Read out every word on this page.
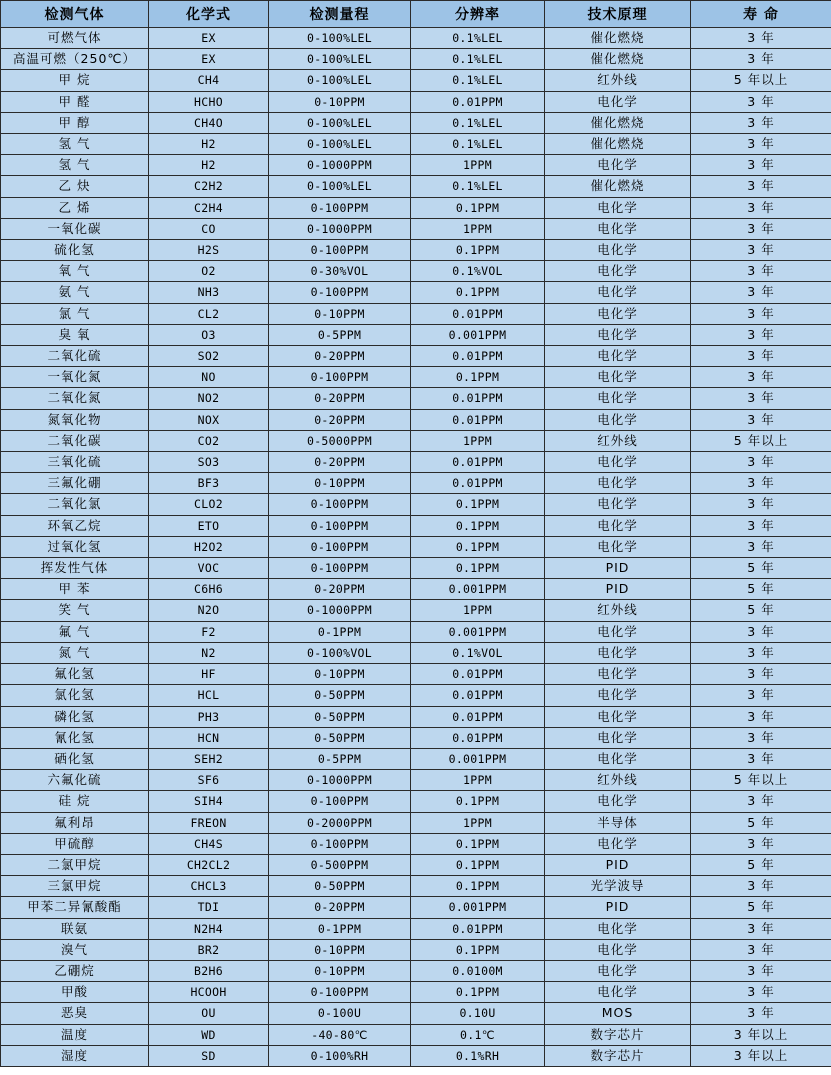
检测气体	化学式	检测量程	分辨率	技术原理	寿 命
可燃气体	EX	0-100%LEL	0.1%LEL	催化燃烧	3 年
高温可燃（250℃）	EX	0-100%LEL	0.1%LEL	催化燃烧	3 年
甲 烷	CH4	0-100%LEL	0.1%LEL	红外线	5 年以上
甲 醛	HCHO	0-10PPM	0.01PPM	电化学	3 年
甲 醇	CH4O	0-100%LEL	0.1%LEL	催化燃烧	3 年
氢 气	H2	0-100%LEL	0.1%LEL	催化燃烧	3 年
氢 气	H2	0-1000PPM	1PPM	电化学	3 年
乙 炔	C2H2	0-100%LEL	0.1%LEL	催化燃烧	3 年
乙 烯	C2H4	0-100PPM	0.1PPM	电化学	3 年
一氧化碳	CO	0-1000PPM	1PPM	电化学	3 年
硫化氢	H2S	0-100PPM	0.1PPM	电化学	3 年
氧 气	O2	0-30%VOL	0.1%VOL	电化学	3 年
氨 气	NH3	0-100PPM	0.1PPM	电化学	3 年
氯 气	CL2	0-10PPM	0.01PPM	电化学	3 年
臭 氧	O3	0-5PPM	0.001PPM	电化学	3 年
二氧化硫	SO2	0-20PPM	0.01PPM	电化学	3 年
一氧化氮	NO	0-100PPM	0.1PPM	电化学	3 年
二氧化氮	NO2	0-20PPM	0.01PPM	电化学	3 年
氮氧化物	NOX	0-20PPM	0.01PPM	电化学	3 年
二氧化碳	CO2	0-5000PPM	1PPM	红外线	5 年以上
三氧化硫	SO3	0-20PPM	0.01PPM	电化学	3 年
三氟化硼	BF3	0-10PPM	0.01PPM	电化学	3 年
二氧化氯	CLO2	0-100PPM	0.1PPM	电化学	3 年
环氧乙烷	ETO	0-100PPM	0.1PPM	电化学	3 年
过氧化氢	H2O2	0-100PPM	0.1PPM	电化学	3 年
挥发性气体	VOC	0-100PPM	0.1PPM	PID	5 年
甲 苯	C6H6	0-20PPM	0.001PPM	PID	5 年
笑 气	N2O	0-1000PPM	1PPM	红外线	5 年
氟 气	F2	0-1PPM	0.001PPM	电化学	3 年
氮 气	N2	0-100%VOL	0.1%VOL	电化学	3 年
氟化氢	HF	0-10PPM	0.01PPM	电化学	3 年
氯化氢	HCL	0-50PPM	0.01PPM	电化学	3 年
磷化氢	PH3	0-50PPM	0.01PPM	电化学	3 年
氰化氢	HCN	0-50PPM	0.01PPM	电化学	3 年
硒化氢	SEH2	0-5PPM	0.001PPM	电化学	3 年
六氟化硫	SF6	0-1000PPM	1PPM	红外线	5 年以上
硅 烷	SIH4	0-100PPM	0.1PPM	电化学	3 年
氟利昂	FREON	0-2000PPM	1PPM	半导体	5 年
甲硫醇	CH4S	0-100PPM	0.1PPM	电化学	3 年
二氯甲烷	CH2CL2	0-500PPM	0.1PPM	PID	5 年
三氯甲烷	CHCL3	0-50PPM	0.1PPM	光学波导	3 年
甲苯二异氰酸酯	TDI	0-20PPM	0.001PPM	PID	5 年
联氨	N2H4	0-1PPM	0.01PPM	电化学	3 年
溴气	BR2	0-10PPM	0.1PPM	电化学	3 年
乙硼烷	B2H6	0-10PPM	0.0100M	电化学	3 年
甲酸	HCOOH	0-100PPM	0.1PPM	电化学	3 年
恶臭	OU	0-100U	0.10U	MOS	3 年
温度	WD	-40-80℃	0.1℃	数字芯片	3 年以上
湿度	SD	0-100%RH	0.1%RH	数字芯片	3 年以上
